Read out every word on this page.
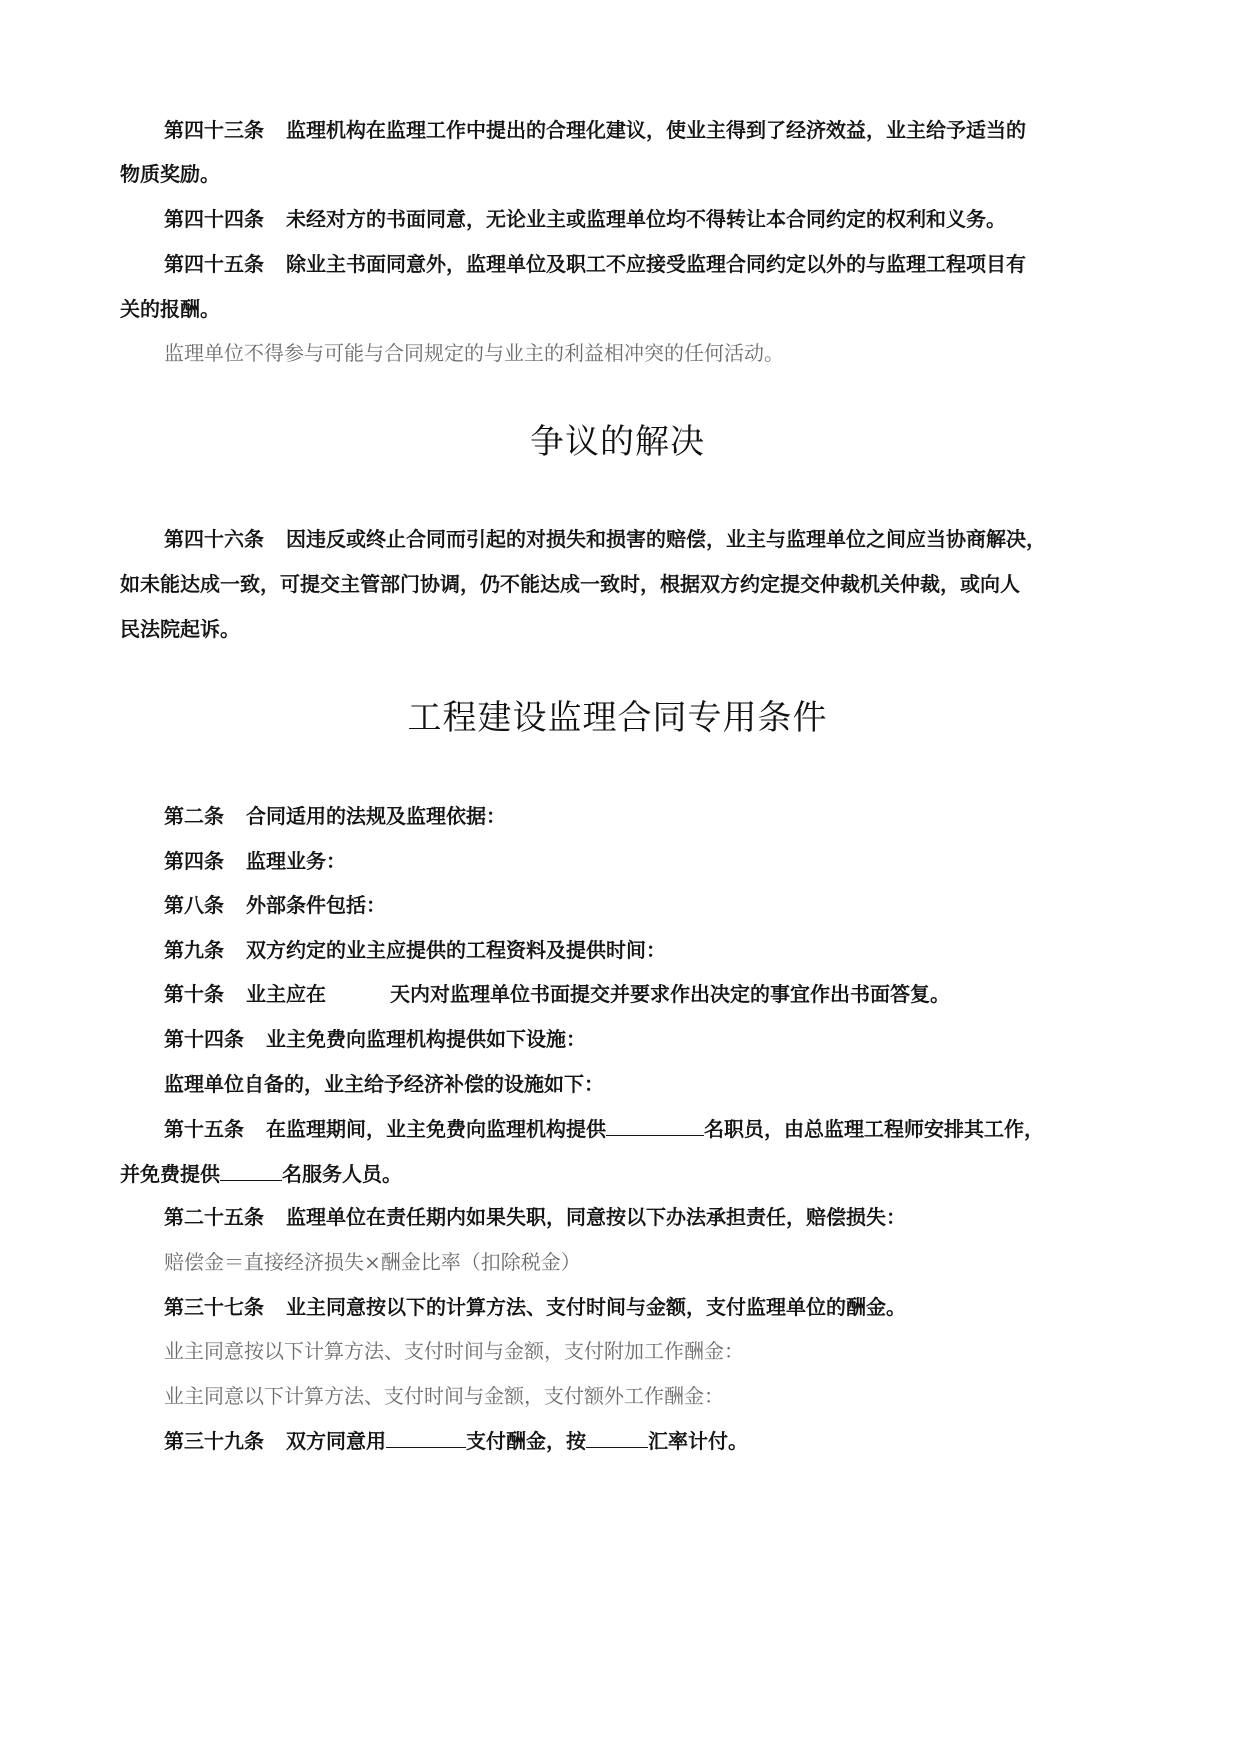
第四十三条 监理机构在监理工作中提出的合理化建议，使业主得到了经济效益，业主给予适当的
物质奖励。
第四十四条 未经对方的书面同意，无论业主或监理单位均不得转让本合同约定的权利和义务。
第四十五条 除业主书面同意外，监理单位及职工不应接受监理合同约定以外的与监理工程项目有
关的报酬。
监理单位不得参与可能与合同规定的与业主的利益相冲突的任何活动。
争议的解决
第四十六条 因违反或终止合同而引起的对损失和损害的赔偿，业主与监理单位之间应当协商解决，
如未能达成一致，可提交主管部门协调，仍不能达成一致时，根据双方约定提交仲裁机关仲裁，或向人
民法院起诉。
工程建设监理合同专用条件
第二条 合同适用的法规及监理依据：
第四条 监理业务：
第八条 外部条件包括：
第九条 双方约定的业主应提供的工程资料及提供时间：
第十条 业主应在	天内对监理单位书面提交并要求作出决定的事宜作出书面答复。
第十四条 业主免费向监理机构提供如下设施：
监理单位自备的，业主给予经济补偿的设施如下：
第十五条 在监理期间，业主免费向监理机构提供	名职员，由总监理工程师安排其工作，
并免费提供	名服务人员。
第二十五条 监理单位在责任期内如果失职，同意按以下办法承担责任，赔偿损失：
赔偿金＝直接经济损失×酬金比率（扣除税金）
第三十七条 业主同意按以下的计算方法、支付时间与金额，支付监理单位的酬金。
业主同意按以下计算方法、支付时间与金额，支付附加工作酬金：
业主同意以下计算方法、支付时间与金额，支付额外工作酬金：
第三十九条 双方同意用	支付酬金，按	汇率计付。
